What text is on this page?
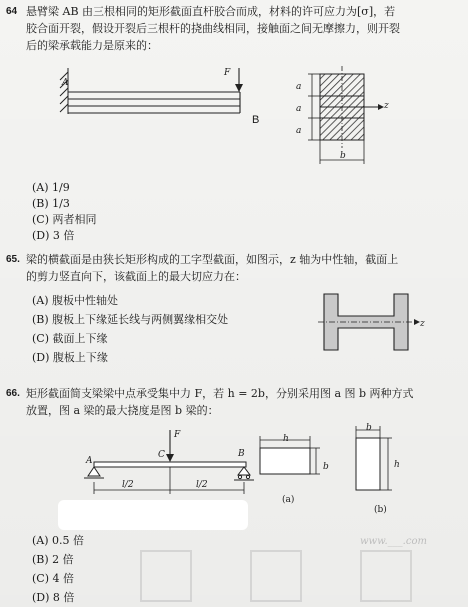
64 悬臂梁 AB 由三根相同的矩形截面直杆胶合而成，材料的许可应力为[σ]，若
胶合面开裂，假设开裂后三根杆的挠曲线相同，接触面之间无摩擦力，则开裂
后的梁承载能力是原来的：
A
F
B
a
a
a
z
b
(A) 1/9
(B) 1/3
(C) 两者相同
(D) 3 倍
65. 梁的横截面是由狭长矩形构成的工字型截面，如图示，z 轴为中性轴，截面上
的剪力竖直向下，该截面上的最大切应力在：
(A) 腹板中性轴处
(B) 腹板上下缘延长线与两侧翼缘相交处
(C) 截面上下缘
(D) 腹板上下缘
z
66. 矩形截面简支梁梁中点承受集中力 F，若 h = 2b，分别采用图 a 图 b 两种方式
放置，图 a 梁的最大挠度是图 b 梁的：
F
C
A
B
l/2	l/2
h
b
(a)
b
h
(b)
(A) 0.5 倍
(B) 2 倍
(C) 4 倍
(D) 8 倍
www.___.com
